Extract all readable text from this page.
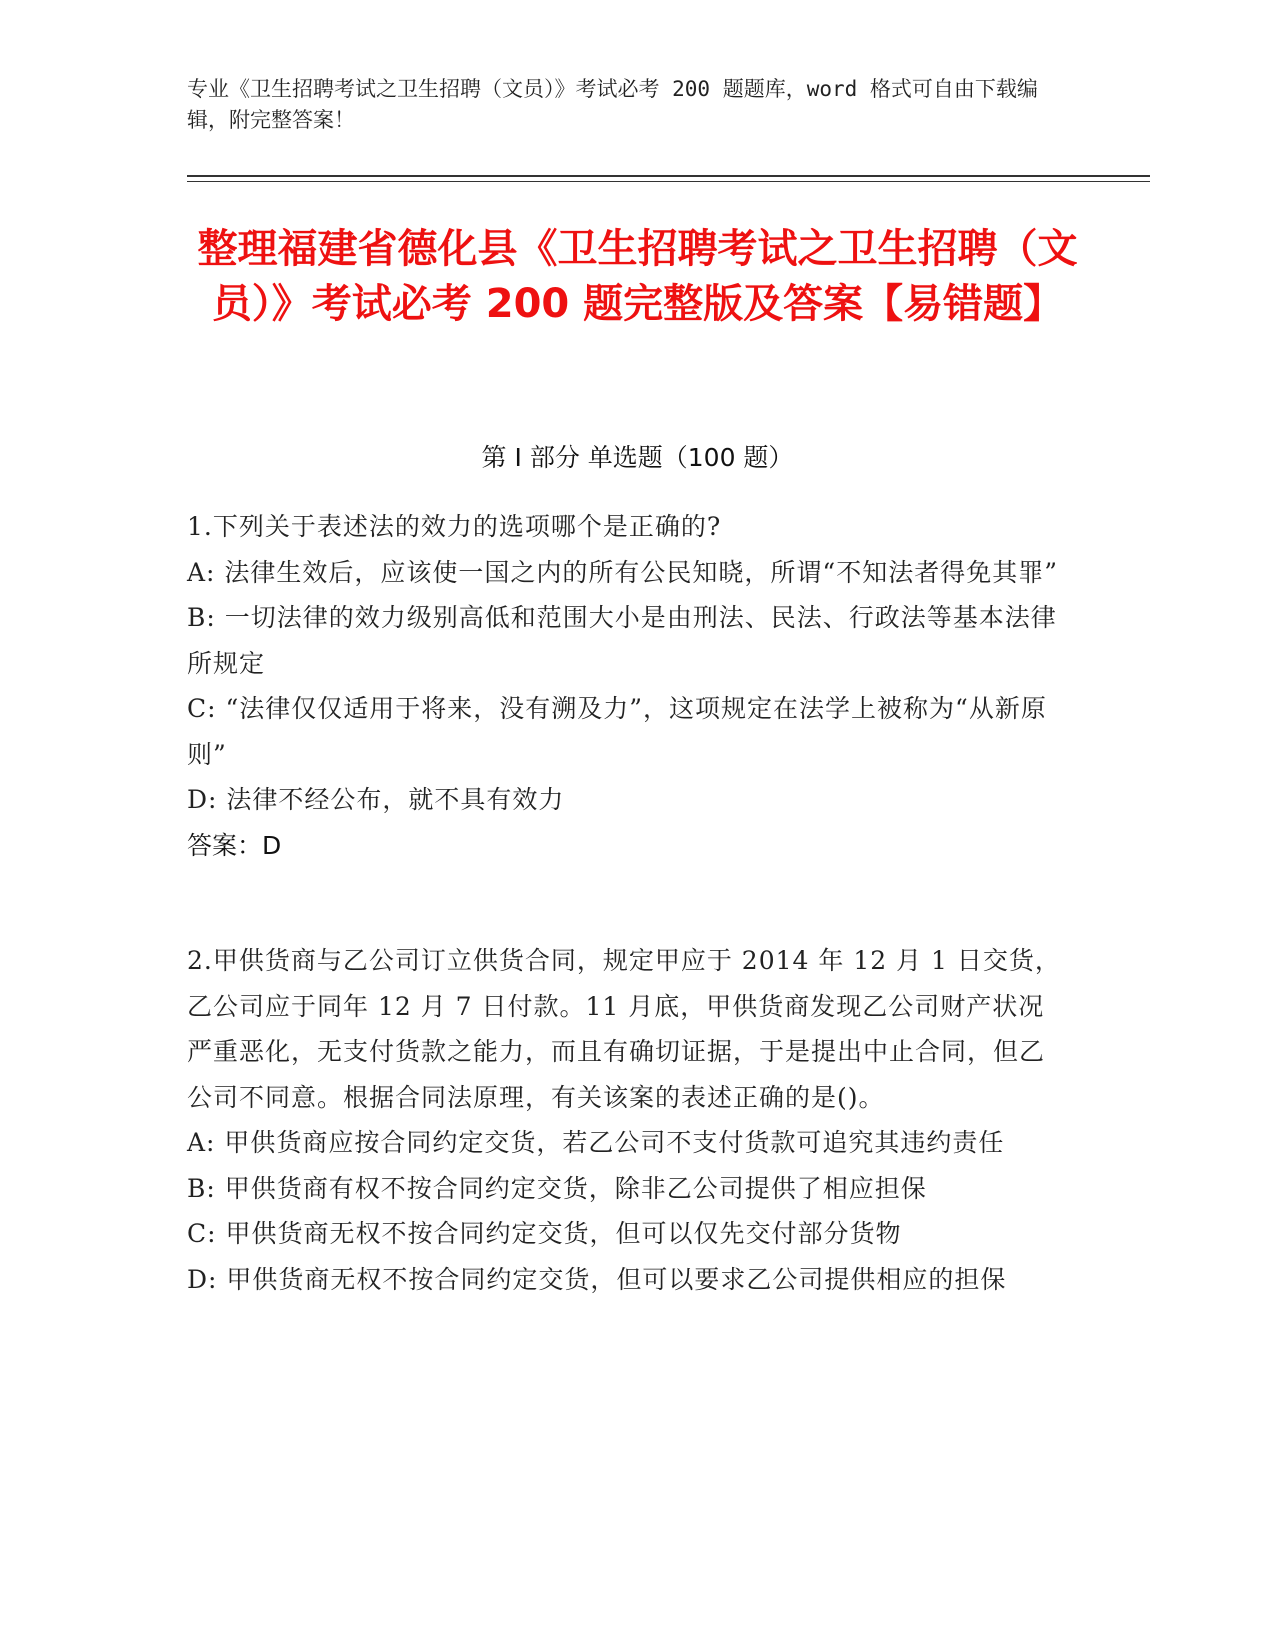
专业《卫生招聘考试之卫生招聘（文员）》考试必考 200 题题库，word 格式可自由下载编辑，附完整答案！
整理福建省德化县《卫生招聘考试之卫生招聘（文员）》考试必考 200 题完整版及答案【易错题】
第 I 部分 单选题（100 题）

1.下列关于表述法的效力的选项哪个是正确的?

A: 法律生效后，应该使一国之内的所有公民知晓，所谓“不知法者得免其罪”

B: 一切法律的效力级别高低和范围大小是由刑法、民法、行政法等基本法律所规定

C: “法律仅仅适用于将来，没有溯及力”，这项规定在法学上被称为“从新原则”

D: 法律不经公布，就不具有效力

答案：D

2.甲供货商与乙公司订立供货合同，规定甲应于 2014 年 12 月 1 日交货，乙公司应于同年 12 月 7 日付款。11 月底，甲供货商发现乙公司财产状况严重恶化，无支付货款之能力，而且有确切证据，于是提出中止合同，但乙公司不同意。根据合同法原理，有关该案的表述正确的是()。

A: 甲供货商应按合同约定交货，若乙公司不支付货款可追究其违约责任

B: 甲供货商有权不按合同约定交货，除非乙公司提供了相应担保

C: 甲供货商无权不按合同约定交货，但可以仅先交付部分货物

D: 甲供货商无权不按合同约定交货，但可以要求乙公司提供相应的担保
